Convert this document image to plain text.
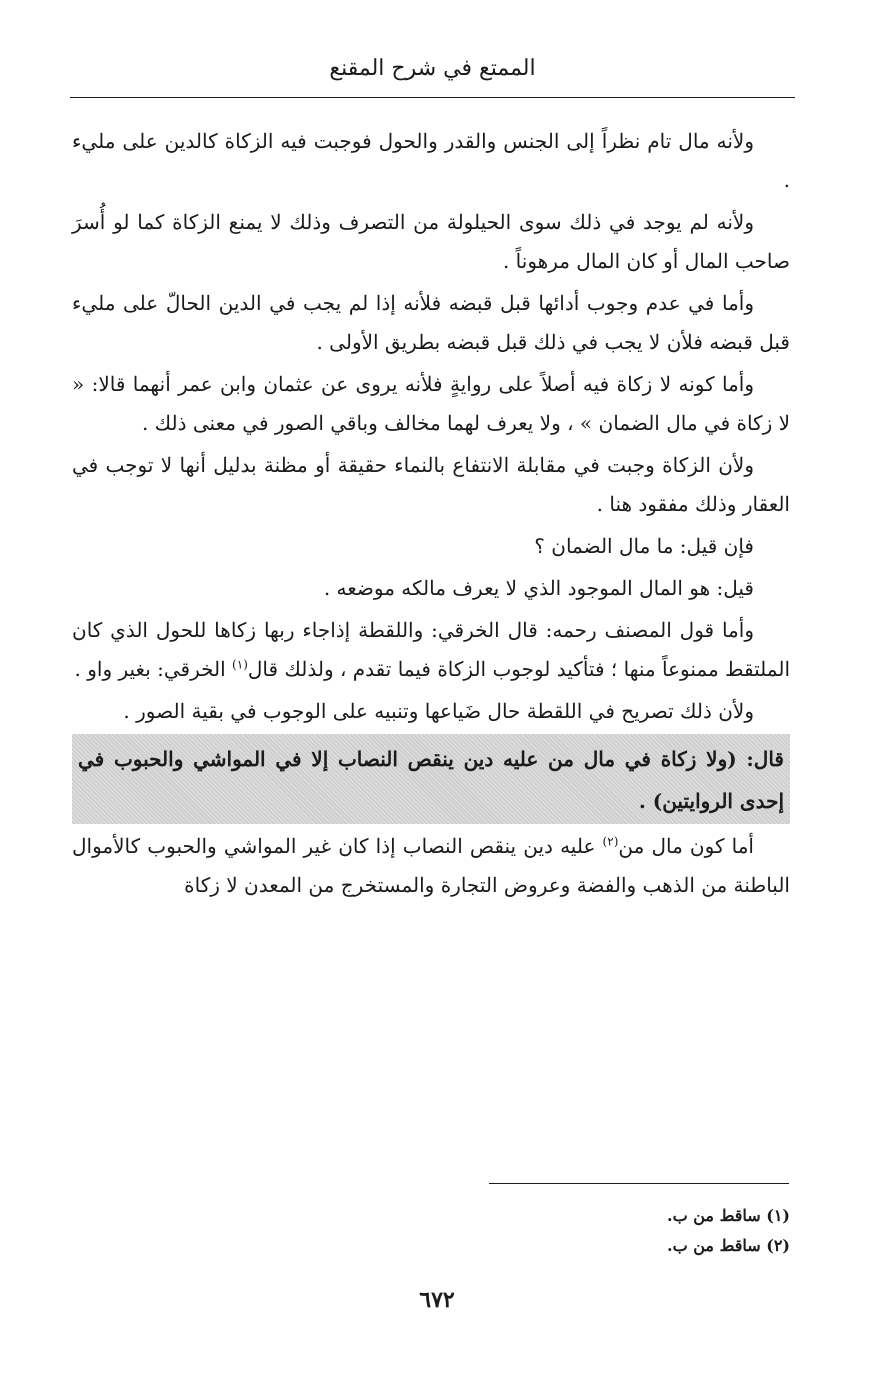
الممتع في شرح المقنع

ولأنه مال تام نظراً إلى الجنس والقدر والحول فوجبت فيه الزكاة كالدين على مليء .

ولأنه لم يوجد في ذلك سوى الحيلولة من التصرف وذلك لا يمنع الزكاة كما لو أُسرَ صاحب المال أو كان المال مرهوناً .

وأما في عدم وجوب أدائها قبل قبضه فلأنه إذا لم يجب في الدين الحالّ على مليء قبل قبضه فلأن لا يجب في ذلك قبل قبضه بطريق الأولى .

وأما كونه لا زكاة فيه أصلاً على روايةٍ فلأنه يروى عن عثمان وابن عمر أنهما قالا: « لا زكاة في مال الضمان » ، ولا يعرف لهما مخالف وباقي الصور في معنى ذلك .

ولأن الزكاة وجبت في مقابلة الانتفاع بالنماء حقيقة أو مظنة بدليل أنها لا توجب في العقار وذلك مفقود هنا .

فإن قيل: ما مال الضمان ؟

قيل: هو المال الموجود الذي لا يعرف مالكه موضعه .

وأما قول المصنف رحمه: قال الخرقي: واللقطة إذاجاء ربها زكاها للحول الذي كان الملتقط ممنوعاً منها ؛ فتأكيد لوجوب الزكاة فيما تقدم ، ولذلك قال$^{(١)}$ الخرقي: بغير واو .

ولأن ذلك تصريح في اللقطة حال ضَياعها وتنبيه على الوجوب في بقية الصور .

قال: (ولا زكاة في مال من عليه دين ينقص النصاب إلا في المواشي والحبوب في إحدى الروايتين) .

أما كون مال من$^{(٢)}$ عليه دين ينقص النصاب إذا كان غير المواشي والحبوب كالأموال الباطنة من الذهب والفضة وعروض التجارة والمستخرج من المعدن لا زكاة

(١) ساقط من ب.

(٢) ساقط من ب.

٦٧٢
